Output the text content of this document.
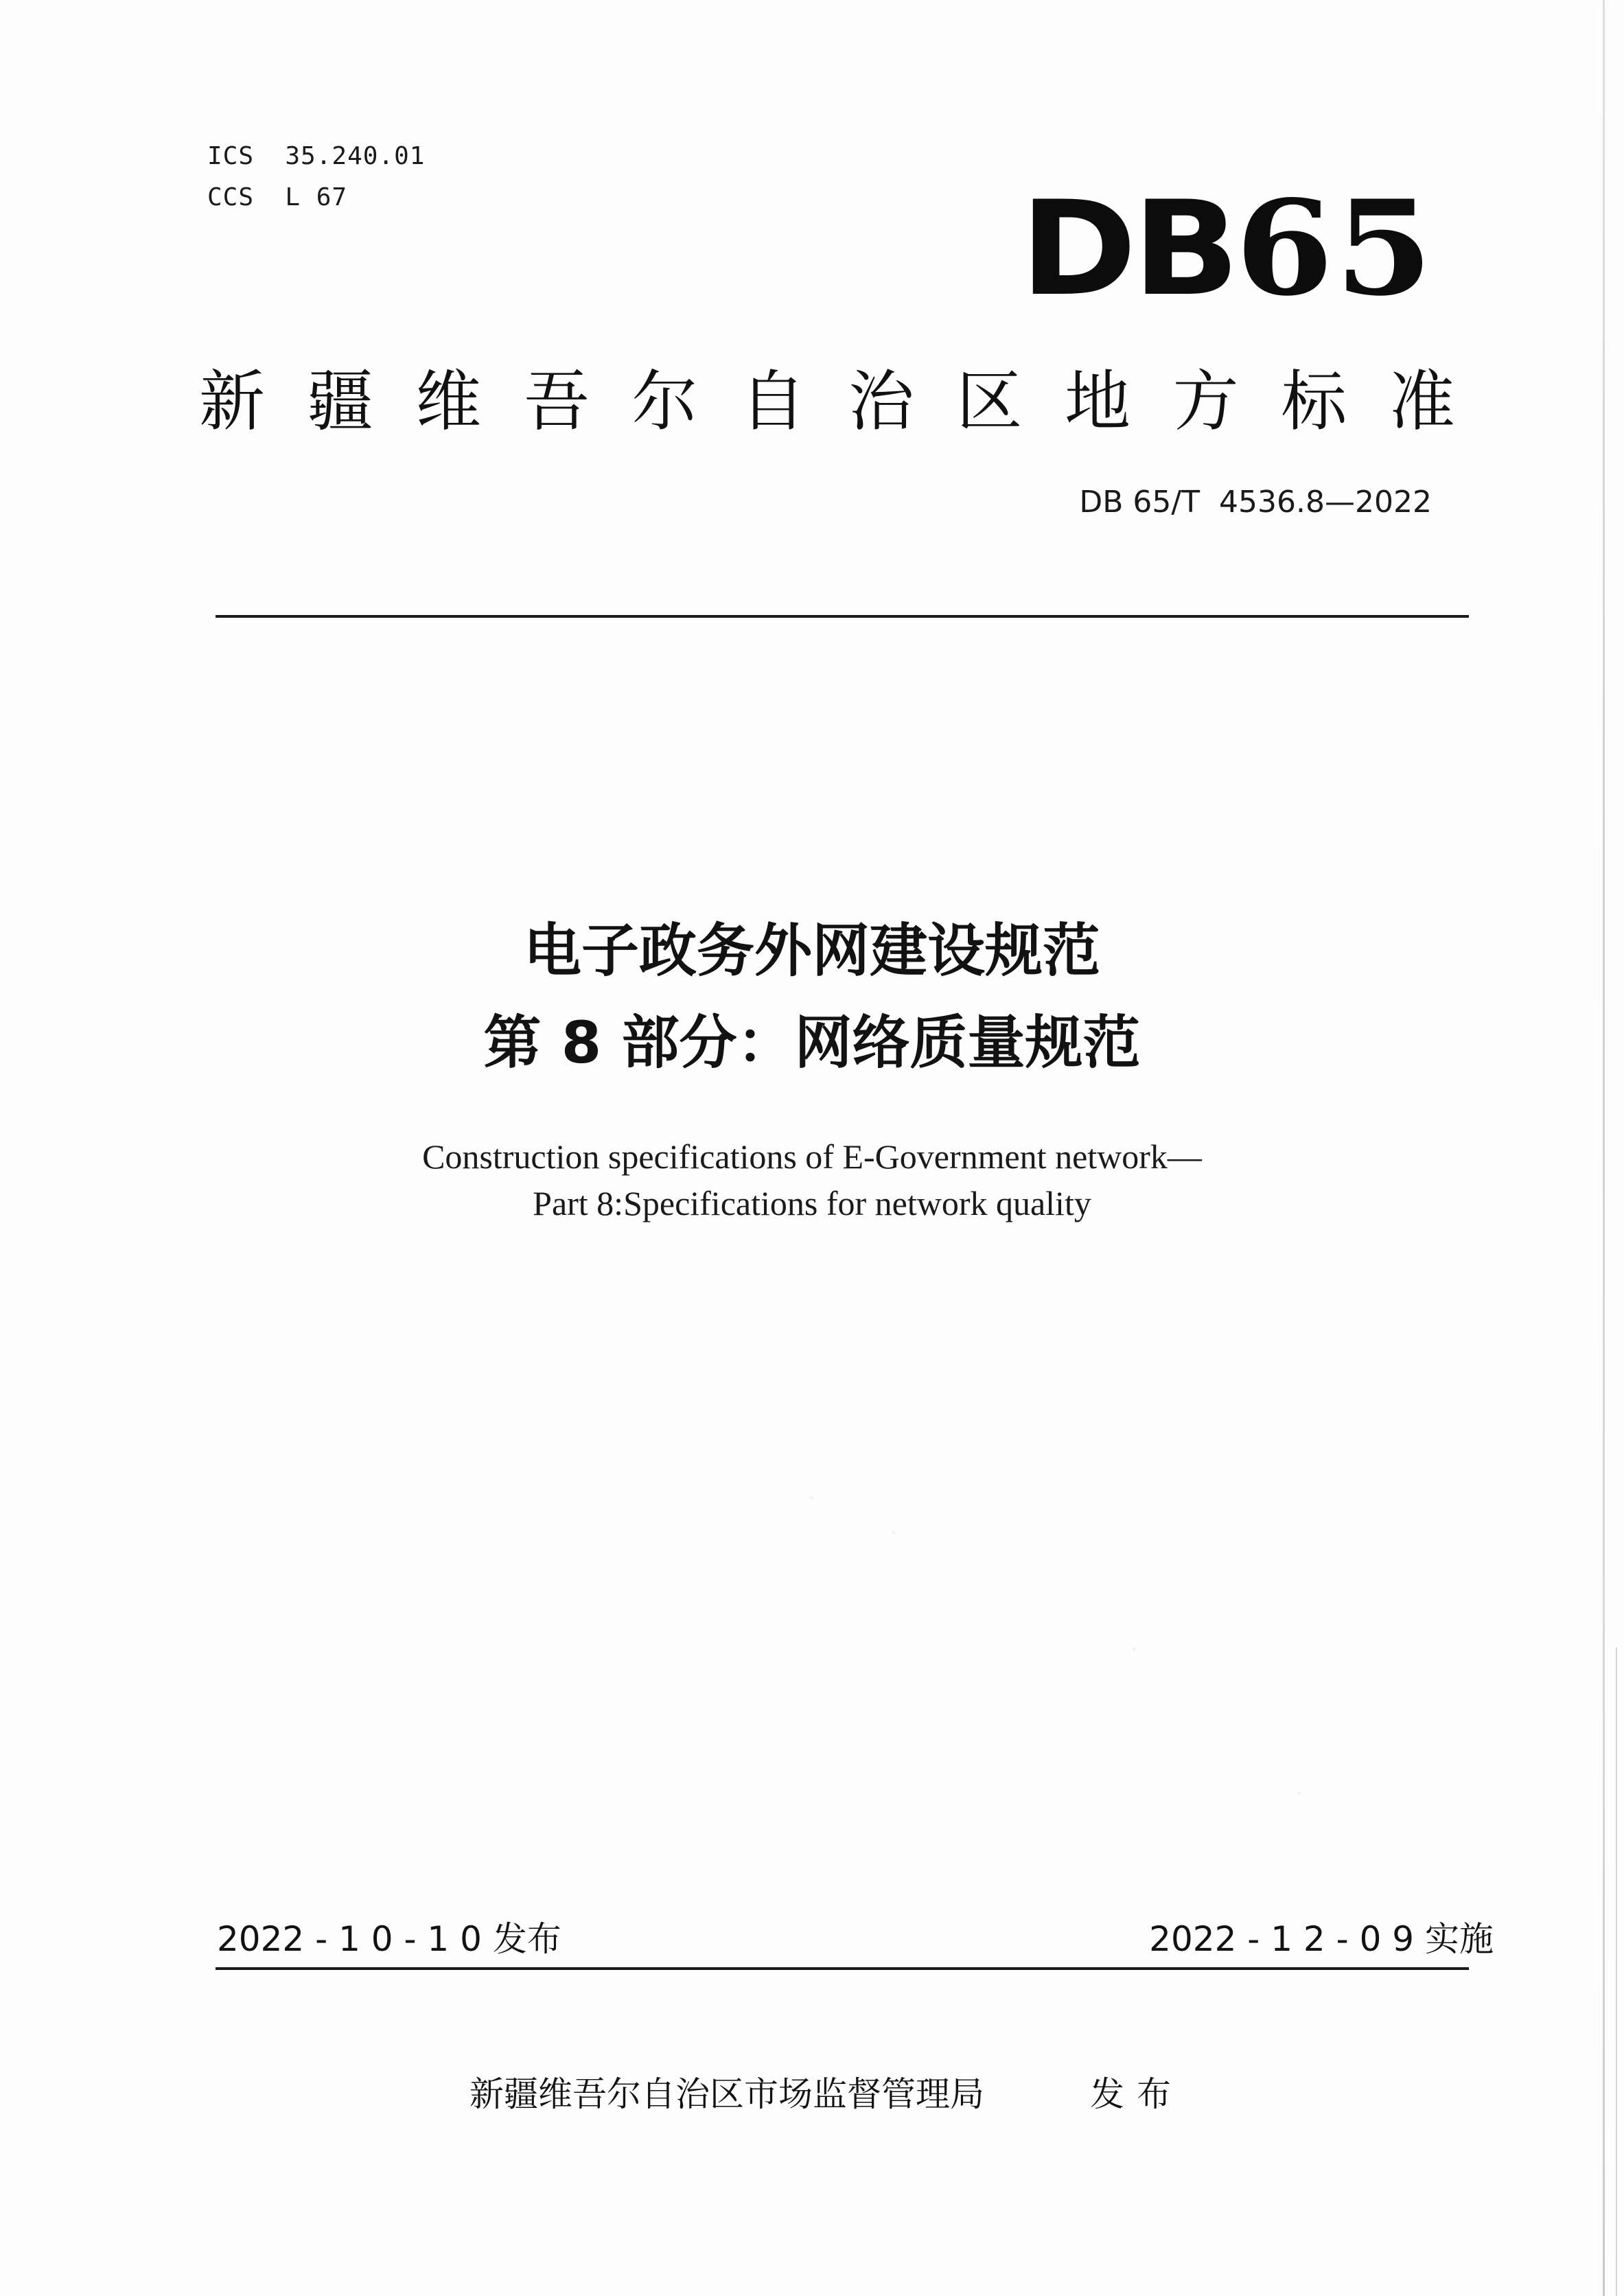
ICS  35.240.01
CCS  L 67	DB65
新 疆 维 吾 尔 自 治 区 地 方 标 准
DB 65/T  4536.8—2022
电子政务外网建设规范
第 8 部分：网络质量规范
Construction specifications of E-Government network—
Part 8:Specifications for network quality
2022 - 1 0 - 1 0 发布	2022 - 1 2 - 0 9 实施
新疆维吾尔自治区市场监督管理局	发布
